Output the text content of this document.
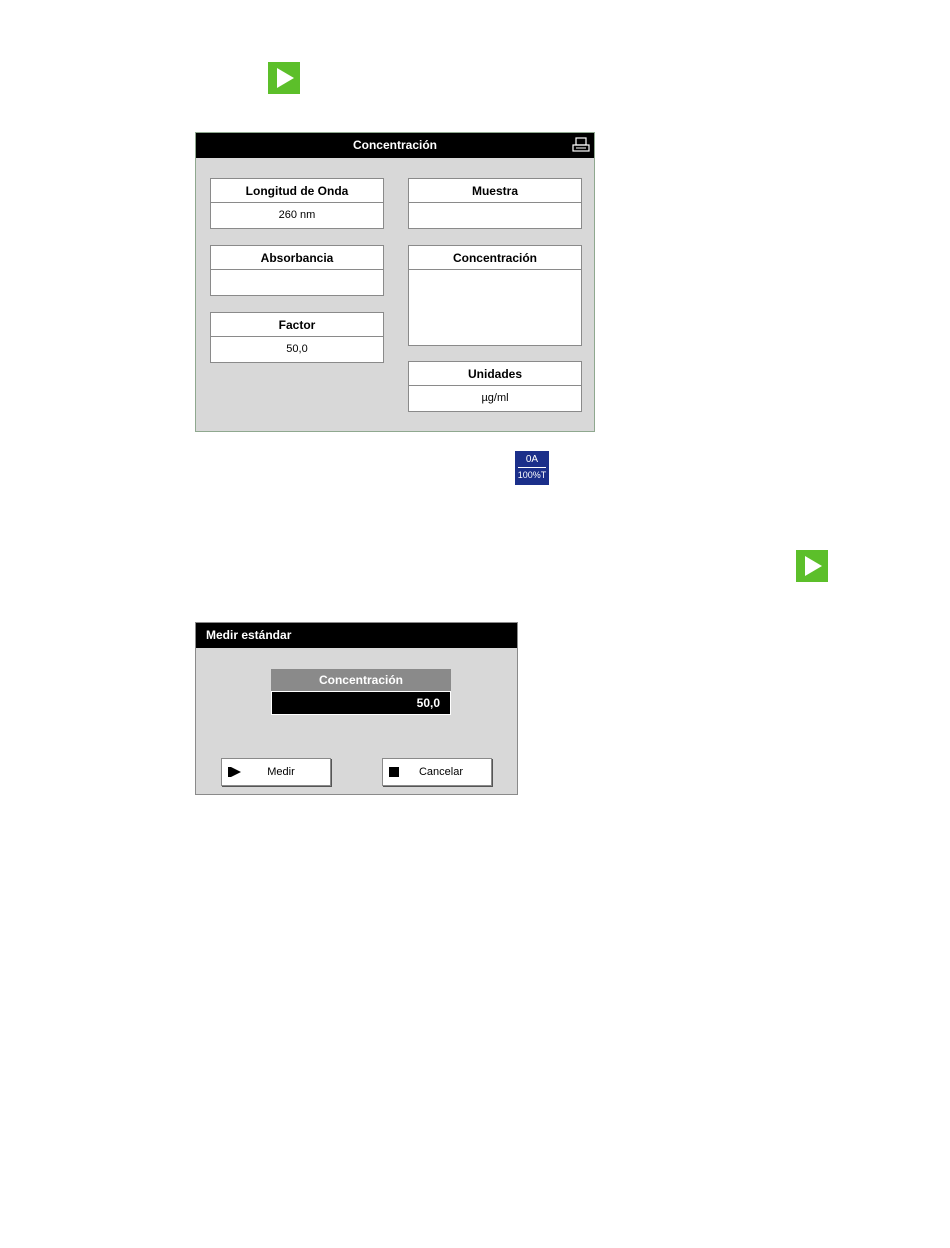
Concentración
Longitud de Onda
260 nm
Absorbancia
Factor
50,0
Muestra
Concentración
Unidades
µg/ml
0A
100%T
Medir estándar
Concentración
50,0
Medir	Cancelar
